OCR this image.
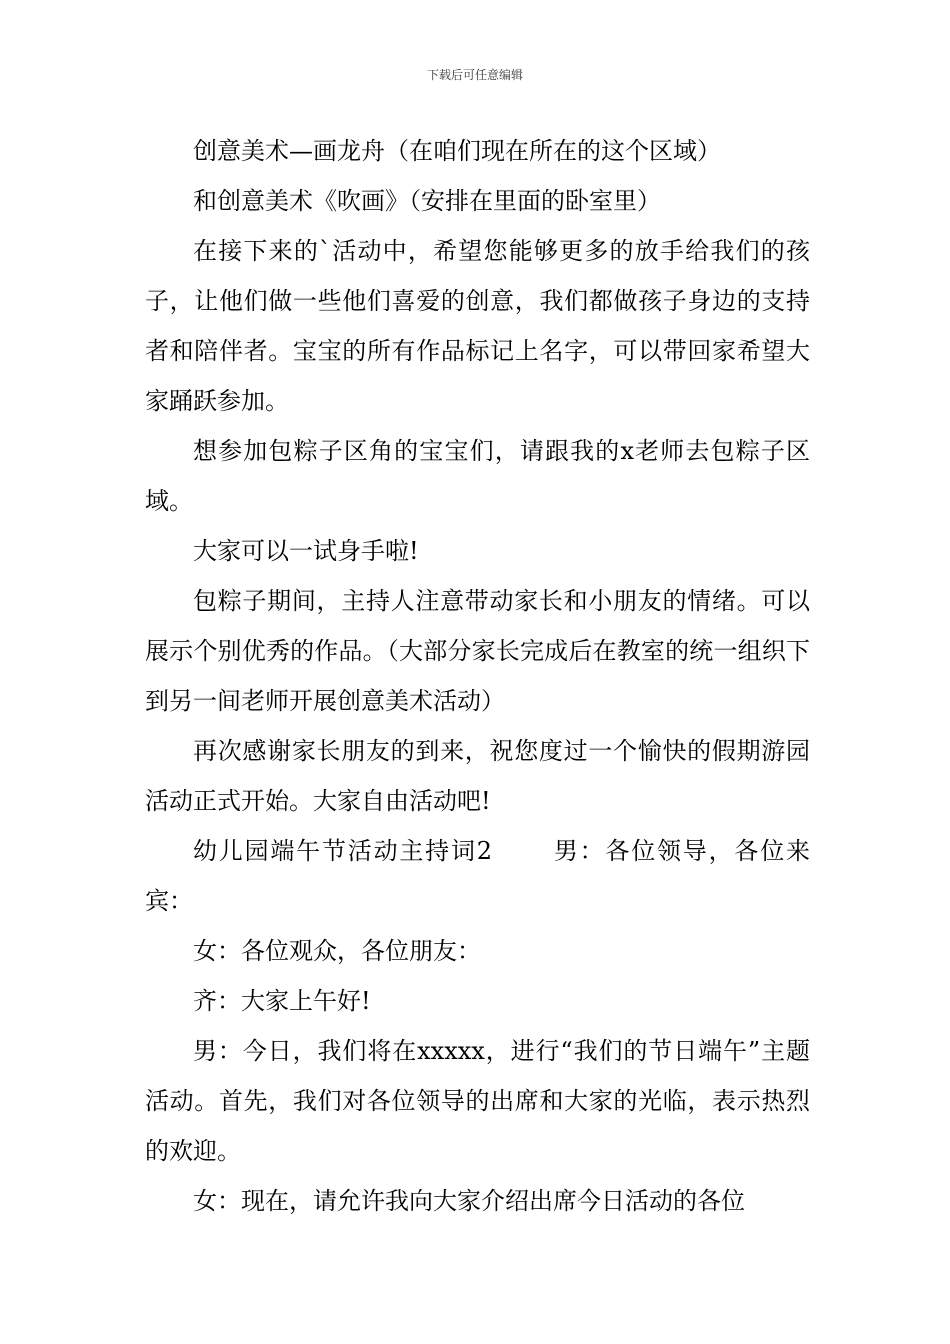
下载后可任意编辑

创意美术—画龙舟（在咱们现在所在的这个区域）

和创意美术《吹画》（安排在里面的卧室里）

在接下来的`活动中，希望您能够更多的放手给我们的孩子，让他们做一些他们喜爱的创意，我们都做孩子身边的支持者和陪伴者。宝宝的所有作品标记上名字，可以带回家希望大家踊跃参加。

想参加包粽子区角的宝宝们，请跟我的x老师去包粽子区域。

大家可以一试身手啦!

包粽子期间，主持人注意带动家长和小朋友的情绪。可以展示个别优秀的作品。（大部分家长完成后在教室的统一组织下到另一间老师开展创意美术活动）

再次感谢家长朋友的到来，祝您度过一个愉快的假期游园活动正式开始。大家自由活动吧!

幼儿园端午节活动主持词2	男：各位领导，各位来宾：

女：各位观众，各位朋友：

齐：大家上午好!

男：今日，我们将在xxxxx，进行“我们的节日端午”主题活动。首先，我们对各位领导的出席和大家的光临，表示热烈的欢迎。

女：现在，请允许我向大家介绍出席今日活动的各位
